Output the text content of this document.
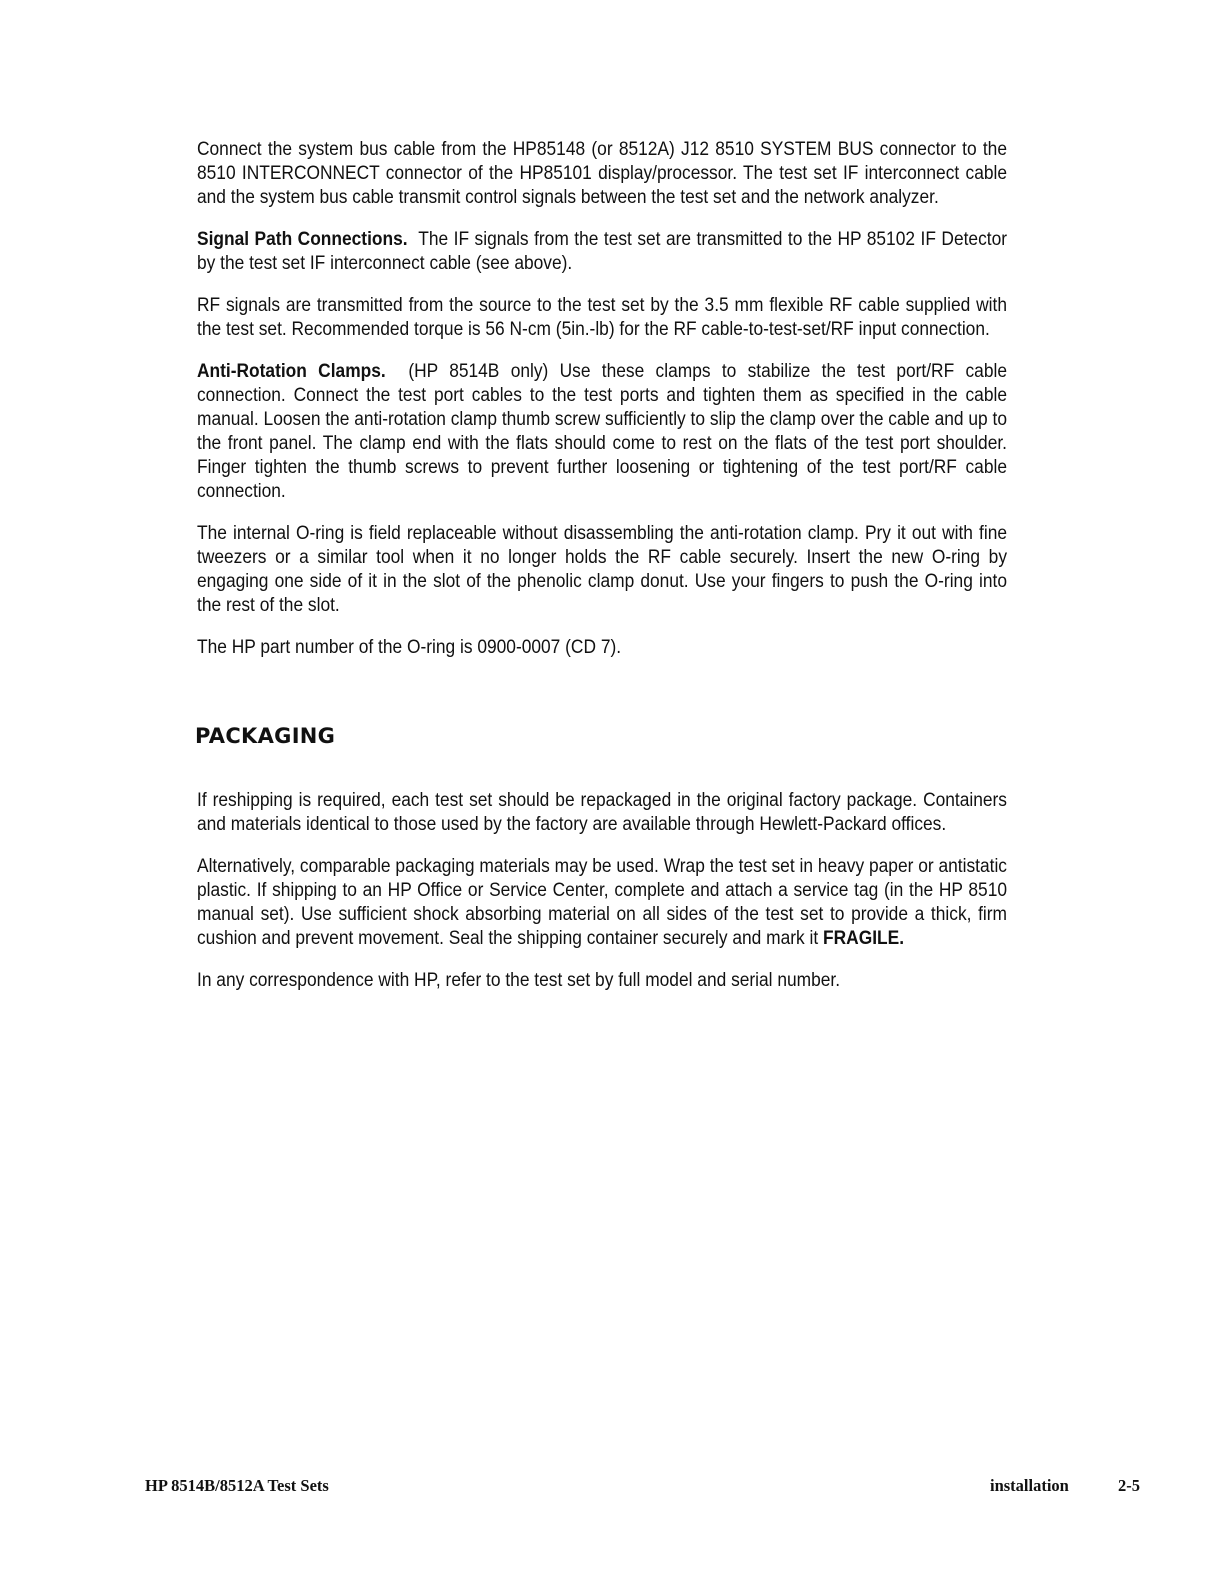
Connect the system bus cable from the HP85148 (or 8512A) J12 8510 SYSTEM BUS connector to the 8510 INTERCONNECT connector of the HP85101 display/processor. The test set IF interconnect cable and the system bus cable transmit control signals between the test set and the network analyzer.

Signal Path Connections. The IF signals from the test set are transmitted to the HP 85102 IF Detector by the test set IF interconnect cable (see above).

RF signals are transmitted from the source to the test set by the 3.5 mm flexible RF cable supplied with the test set. Recommended torque is 56 N-cm (5in.-lb) for the RF cable-to-test-set/RF input connection.

Anti-Rotation Clamps. (HP 8514B only) Use these clamps to stabilize the test port/RF cable connection. Connect the test port cables to the test ports and tighten them as specified in the cable manual. Loosen the anti-rotation clamp thumb screw sufficiently to slip the clamp over the cable and up to the front panel. The clamp end with the flats should come to rest on the flats of the test port shoulder. Finger tighten the thumb screws to prevent further loosening or tightening of the test port/RF cable connection.

The internal O-ring is field replaceable without disassembling the anti-rotation clamp. Pry it out with fine tweezers or a similar tool when it no longer holds the RF cable securely. Insert the new O-ring by engaging one side of it in the slot of the phenolic clamp donut. Use your fingers to push the O-ring into the rest of the slot.

The HP part number of the O-ring is 0900-0007 (CD 7).

PACKAGING

If reshipping is required, each test set should be repackaged in the original factory package. Containers and materials identical to those used by the factory are available through Hewlett-Packard offices.

Alternatively, comparable packaging materials may be used. Wrap the test set in heavy paper or antistatic plastic. If shipping to an HP Office or Service Center, complete and attach a service tag (in the HP 8510 manual set). Use sufficient shock absorbing material on all sides of the test set to provide a thick, firm cushion and prevent movement. Seal the shipping container securely and mark it FRAGILE.

In any correspondence with HP, refer to the test set by full model and serial number.

HP 8514B/8512A Test Sets	installation	2-5
